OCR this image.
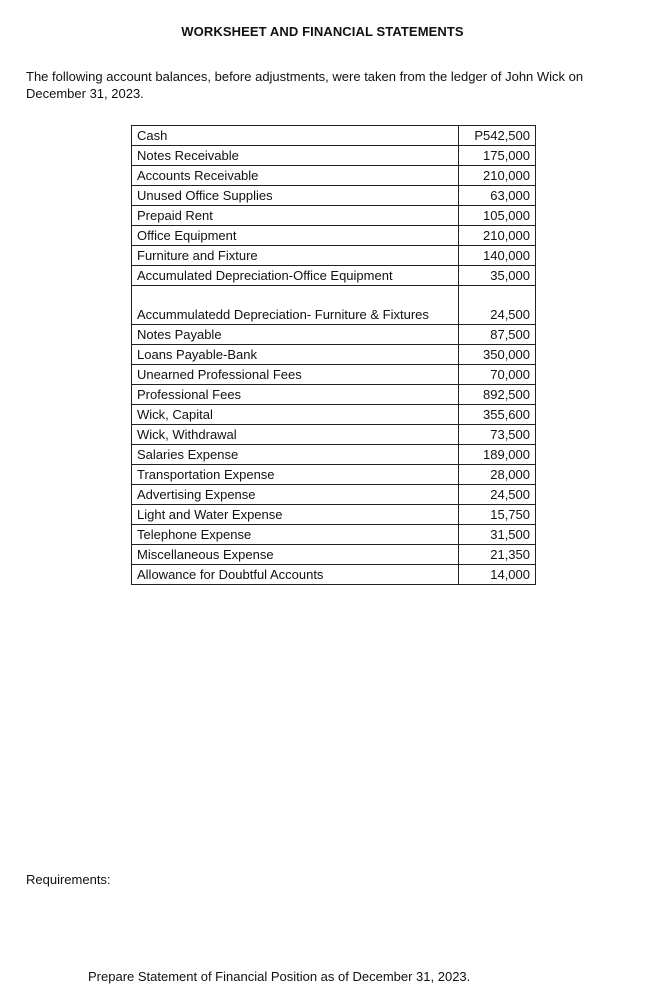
WORKSHEET AND FINANCIAL STATEMENTS
The following account balances, before adjustments, were taken from the ledger of John Wick on December 31, 2023.
Cash	P542,500
Notes Receivable	175,000
Accounts Receivable	210,000
Unused Office Supplies	63,000
Prepaid Rent	105,000
Office Equipment	210,000
Furniture and Fixture	140,000
Accumulated Depreciation-Office Equipment	35,000
Accummulatedd Depreciation- Furniture & Fixtures	24,500
Notes Payable	87,500
Loans Payable-Bank	350,000
Unearned Professional Fees	70,000
Professional Fees	892,500
Wick, Capital	355,600
Wick, Withdrawal	73,500
Salaries Expense	189,000
Transportation Expense	28,000
Advertising Expense	24,500
Light and Water Expense	15,750
Telephone Expense	31,500
Miscellaneous Expense	21,350
Allowance for Doubtful Accounts	14,000
Requirements:
Prepare Statement of Financial Position as of December 31, 2023.
